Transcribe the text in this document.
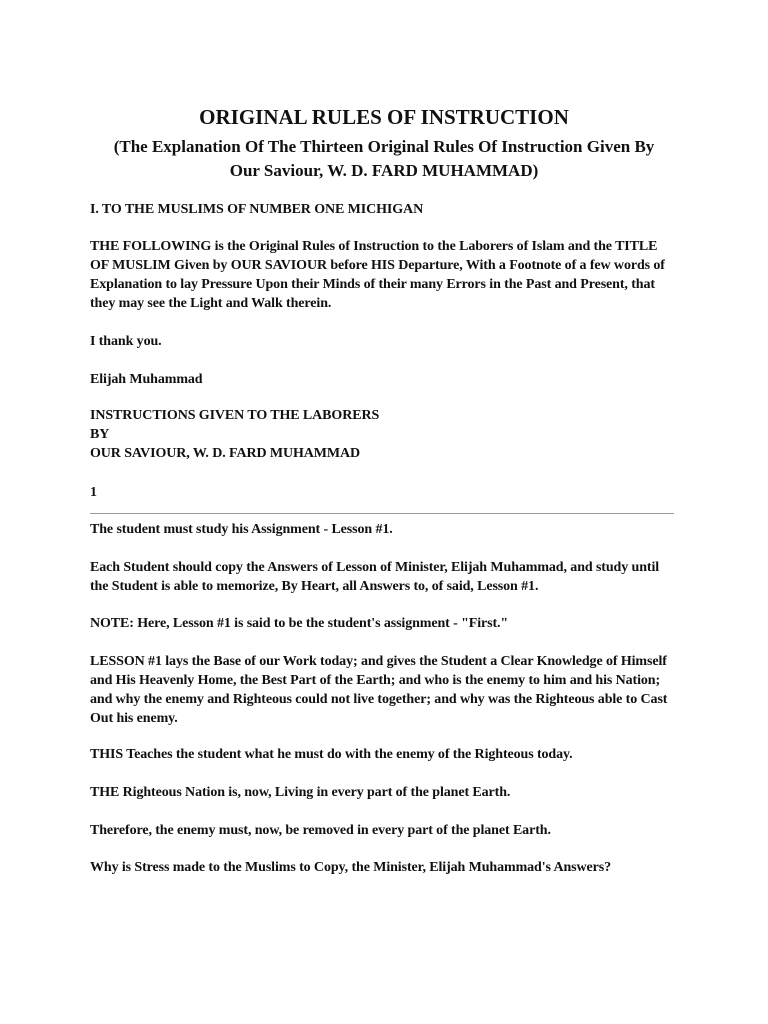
ORIGINAL RULES OF INSTRUCTION
(The Explanation Of The Thirteen Original Rules Of Instruction Given By
Our Saviour, W. D. FARD MUHAMMAD)

I. TO THE MUSLIMS OF NUMBER ONE MICHIGAN

THE FOLLOWING is the Original Rules of Instruction to the Laborers of Islam and the TITLE
OF MUSLIM Given by OUR SAVIOUR before HIS Departure, With a Footnote of a few words of
Explanation to lay Pressure Upon their Minds of their many Errors in the Past and Present, that
they may see the Light and Walk therein.

I thank you.

Elijah Muhammad

INSTRUCTIONS GIVEN TO THE LABORERS
BY
OUR SAVIOUR, W. D. FARD MUHAMMAD

1

The student must study his Assignment - Lesson #1.

Each Student should copy the Answers of Lesson of Minister, Elijah Muhammad, and study until
the Student is able to memorize, By Heart, all Answers to, of said, Lesson #1.

NOTE: Here, Lesson #1 is said to be the student's assignment - "First."

LESSON #1 lays the Base of our Work today; and gives the Student a Clear Knowledge of Himself
and His Heavenly Home, the Best Part of the Earth; and who is the enemy to him and his Nation;
and why the enemy and Righteous could not live together; and why was the Righteous able to Cast
Out his enemy.

THIS Teaches the student what he must do with the enemy of the Righteous today.

THE Righteous Nation is, now, Living in every part of the planet Earth.

Therefore, the enemy must, now, be removed in every part of the planet Earth.

Why is Stress made to the Muslims to Copy, the Minister, Elijah Muhammad's Answers?
